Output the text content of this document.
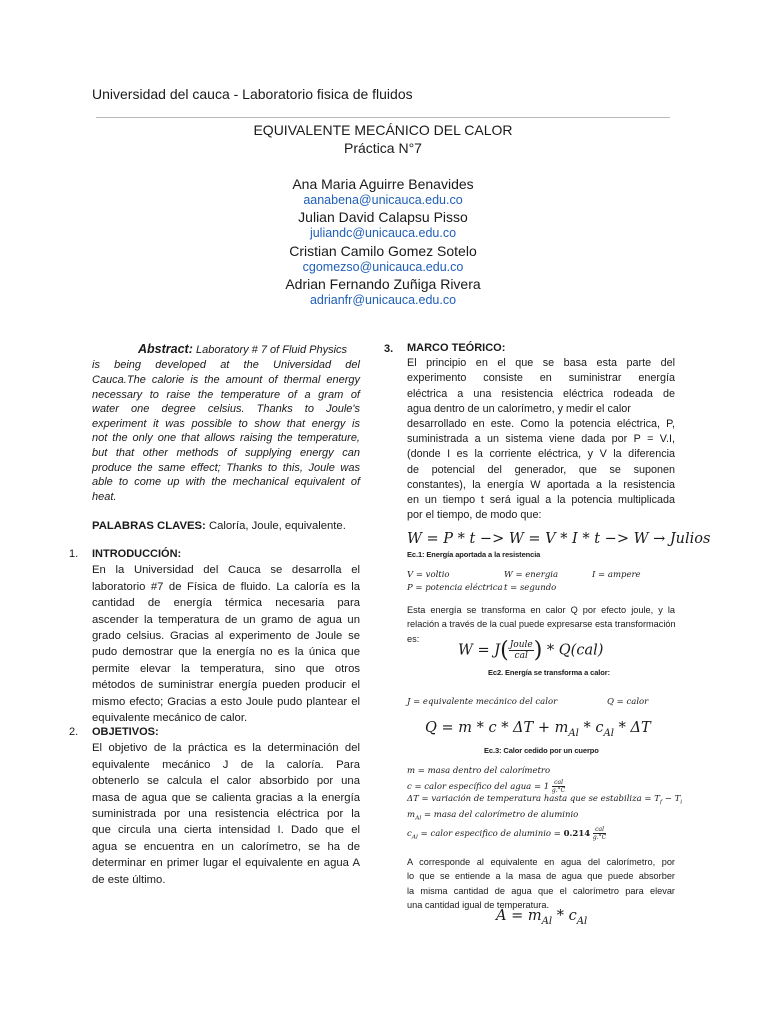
Universidad del cauca - Laboratorio fisica de fluidos
EQUIVALENTE MECÁNICO DEL CALOR
Práctica N°7
Ana Maria Aguirre Benavides
aanabena@unicauca.edu.co
Julian David Calapsu Pisso
juliandc@unicauca.edu.co
Cristian Camilo Gomez Sotelo
cgomezso@unicauca.edu.co
Adrian Fernando Zuñiga Rivera
adrianfr@unicauca.edu.co
Abstract: Laboratory # 7 of Fluid Physics
is being developed at the Universidad del
Cauca.The calorie is the amount of thermal energy
necessary to raise the temperature of a gram of
water one degree celsius. Thanks to Joule's
experiment it was possible to show that energy is
not the only one that allows raising the temperature,
but that other methods of supplying energy can
produce the same effect; Thanks to this, Joule was
able to come up with the mechanical equivalent of
heat.
PALABRAS CLAVES: Caloría, Joule, equivalente.
1. INTRODUCCIÓN:
En la Universidad del Cauca se desarrolla el
laboratorio #7 de Física de fluido. La caloría es la
cantidad de energía térmica necesaria para
ascender la temperatura de un gramo de agua un
grado celsius. Gracias al experimento de Joule se
pudo demostrar que la energía no es la única que
permite elevar la temperatura, sino que otros
métodos de suministrar energía pueden producir el
mismo efecto; Gracias a esto Joule pudo plantear el
equivalente mecánico de calor.
2. OBJETIVOS:
El objetivo de la práctica es la determinación del
equivalente mecánico J de la caloría. Para
obtenerlo se calcula el calor absorbido por una
masa de agua que se calienta gracias a la energía
suministrada por una resistencia eléctrica por la
que circula una cierta intensidad I. Dado que el
agua se encuentra en un calorímetro, se ha de
determinar en primer lugar el equivalente en agua A
de este último.
3. MARCO TEÓRICO:
El principio en el que se basa esta parte del
experimento consiste en suministrar energía
eléctrica a una resistencia eléctrica rodeada de
agua dentro de un calorímetro, y medir el calor
desarrollado en este. Como la potencia eléctrica, P,
suministrada a un sistema viene dada por P = V.I,
(donde I es la corriente eléctrica, y V la diferencia
de potencial del generador, que se suponen
constantes), la energía W aportada a la resistencia
en un tiempo t será igual a la potencia multiplicada
por el tiempo, de modo que:
W = P * t −> W = V * I * t −> W → Julios
Ec.1: Energía aportada a la resistencia
V = voltio	W = energia	I = ampere
P = potencia eléctrica t = segundo
Esta energía se transforma en calor Q por efecto joule, y la
relación a través de la cual puede expresarse esta transformación
es:
$W = J( \frac{\text{Joule}}{\text{cal}}$ ) * Q(cal)
Ec2. Energía se transforma a calor:
J = equivalente mecánico del calor	Q = calor
$Q = m * c * \Delta T + m_{Al} * c_{Al} * \Delta T$
Ec.3: Calor cedido por un cuerpo
m = masa dentro del calorímetro
c = calor específico del agua = $1 \frac{\text{cal}}{g.^\circ C}$
ΔT = variación de temperatura hasta que se estabiliza = $T_f - T_i$
$m_{Al}$ = masa del calorímetro de aluminio
$c_{Al}$ = calor especifico de aluminio = $0.214 \frac{\text{cal}}{g.^\circ C}$
A corresponde al equivalente en agua del calorímetro, por
lo que se entiende a la masa de agua que puede absorber
la misma cantidad de agua que el calorímetro para elevar
una cantidad igual de temperatura.
$A = m_{Al} * c_{Al}$
